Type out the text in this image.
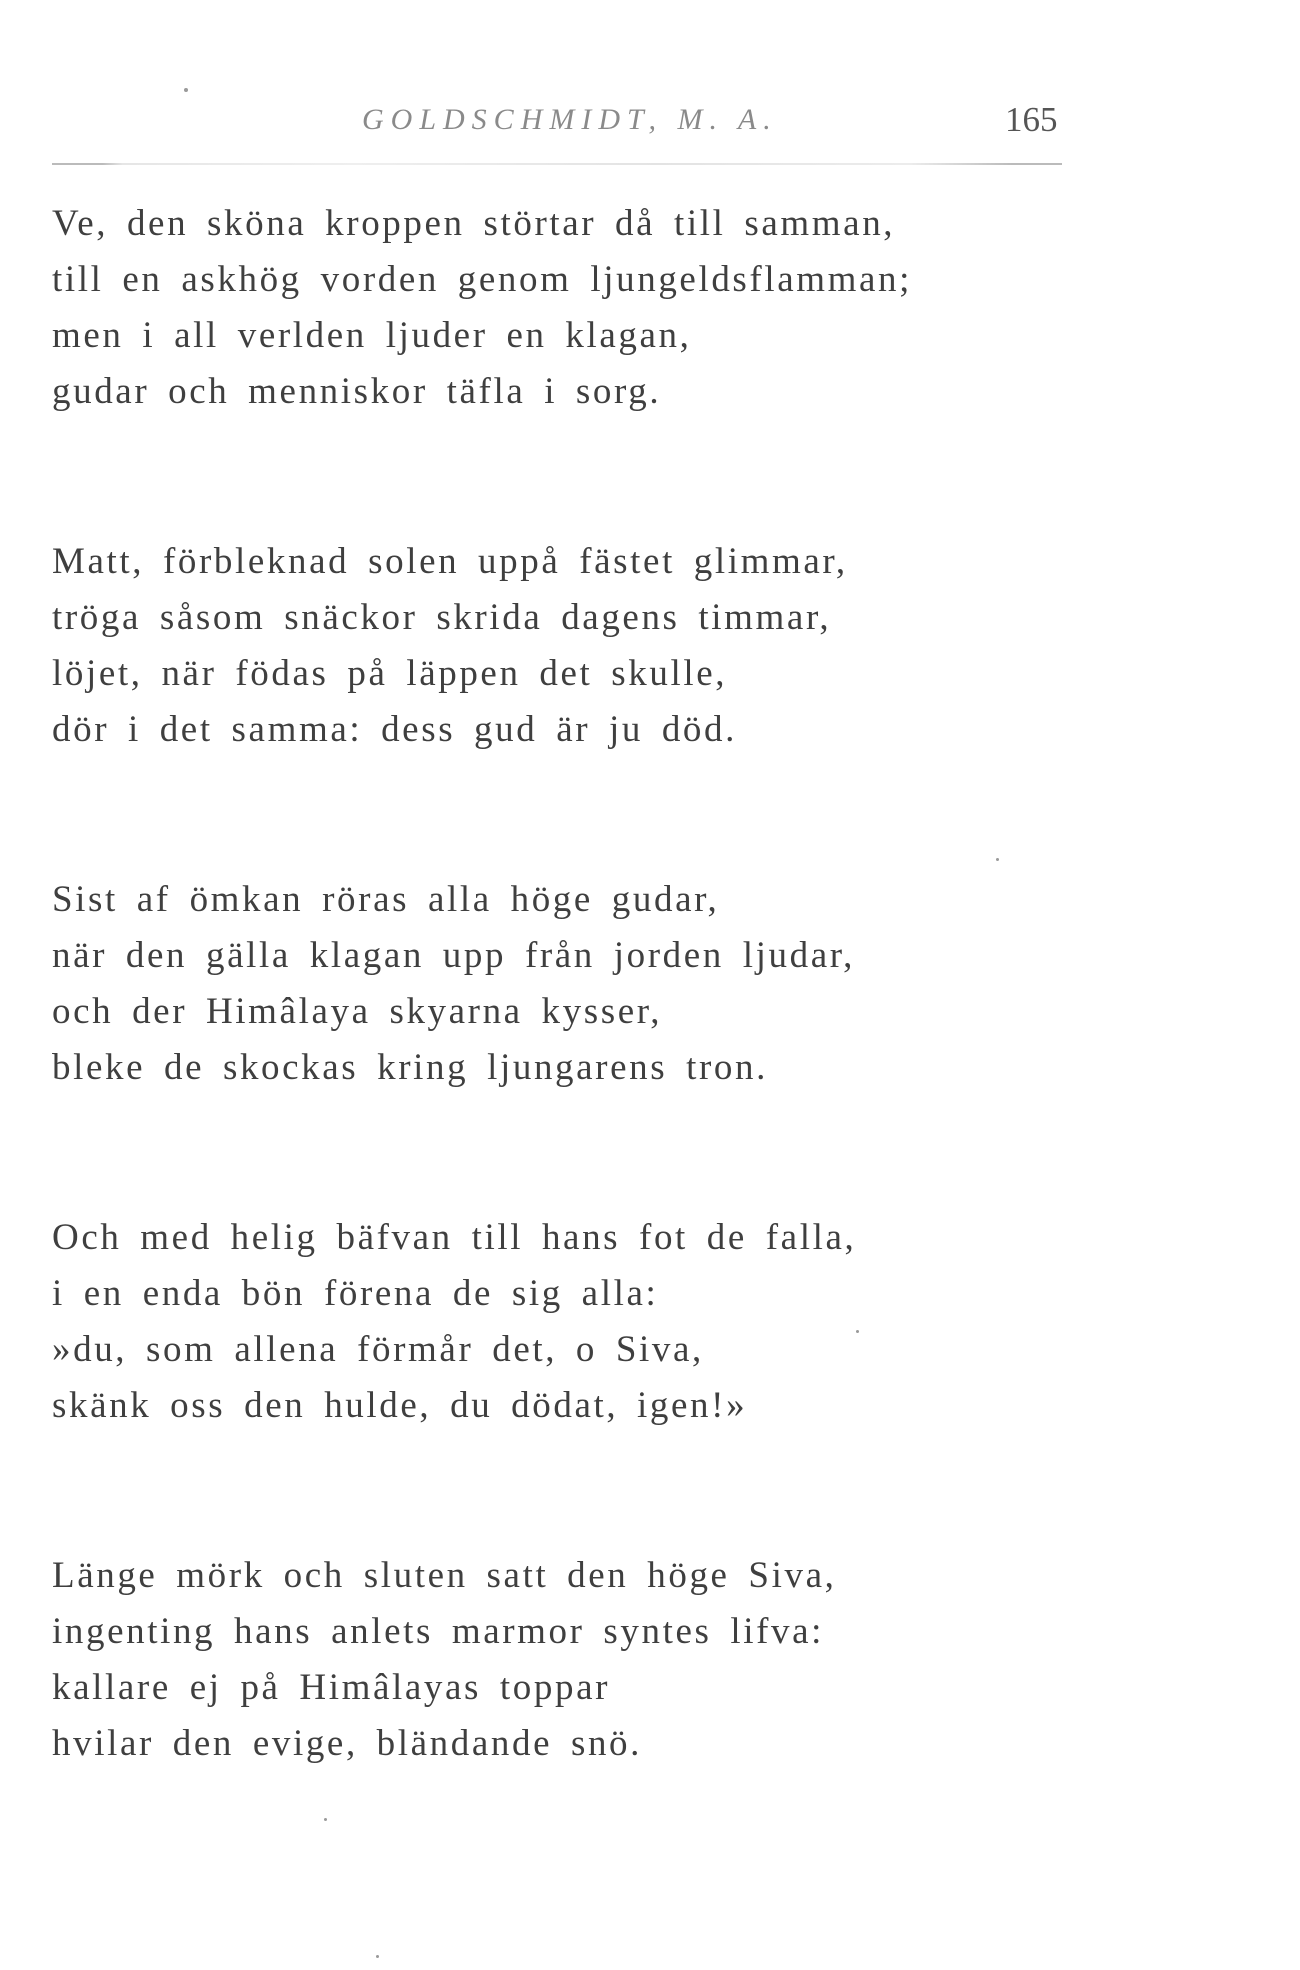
GOLDSCHMIDT, M. A.	165
Ve, den sköna kroppen störtar då till samman,
till en askhög vorden genom ljungeldsflamman;
men i all verlden ljuder en klagan,
gudar och menniskor täfla i sorg.
Matt, förbleknad solen uppå fästet glimmar,
tröga såsom snäckor skrida dagens timmar,
löjet, när födas på läppen det skulle,
dör i det samma: dess gud är ju död.
Sist af ömkan röras alla höge gudar,
när den gälla klagan upp från jorden ljudar,
och der Himâlaya skyarna kysser,
bleke de skockas kring ljungarens tron.
Och med helig bäfvan till hans fot de falla,
i en enda bön förena de sig alla:
»du, som allena förmår det, o Siva,
skänk oss den hulde, du dödat, igen!»
Länge mörk och sluten satt den höge Siva,
ingenting hans anlets marmor syntes lifva:
kallare ej på Himâlayas toppar
hvilar den evige, bländande snö.
